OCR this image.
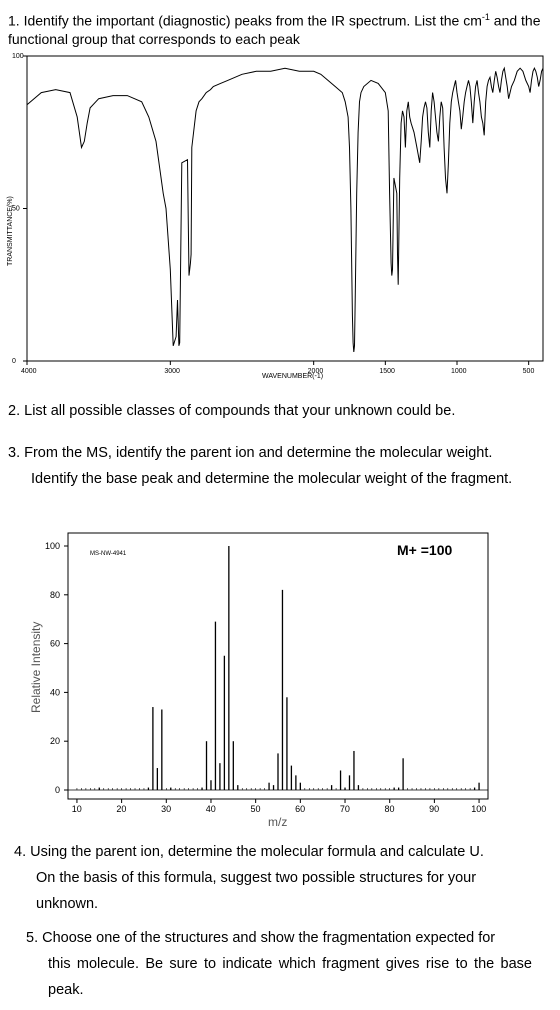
1. Identify the important (diagnostic) peaks from the IR spectrum. List the $cm^{-1}$ and the functional group that corresponds to each peak
TRANSMITTANCE(%)
WAVENUMBER(-1)
4000	3000	2000	1500	1000	500
0
50
100
2. List all possible classes of compounds that your unknown could be.
3. From the MS, identify the parent ion and determine the molecular weight.
Identify the base peak and determine the molecular weight of the fragment.
MS-NW-4941	M+ =100
Relative Intensity
m/z
10	20	30	40	50	60	70	80	90	100
0
20
40
60
80
100
4. Using the parent ion, determine the molecular formula and calculate U.
On the basis of this formula, suggest two possible structures for your unknown.
5. Choose one of the structures and show the fragmentation expected for
this molecule. Be sure to indicate which fragment gives rise to the base peak.
